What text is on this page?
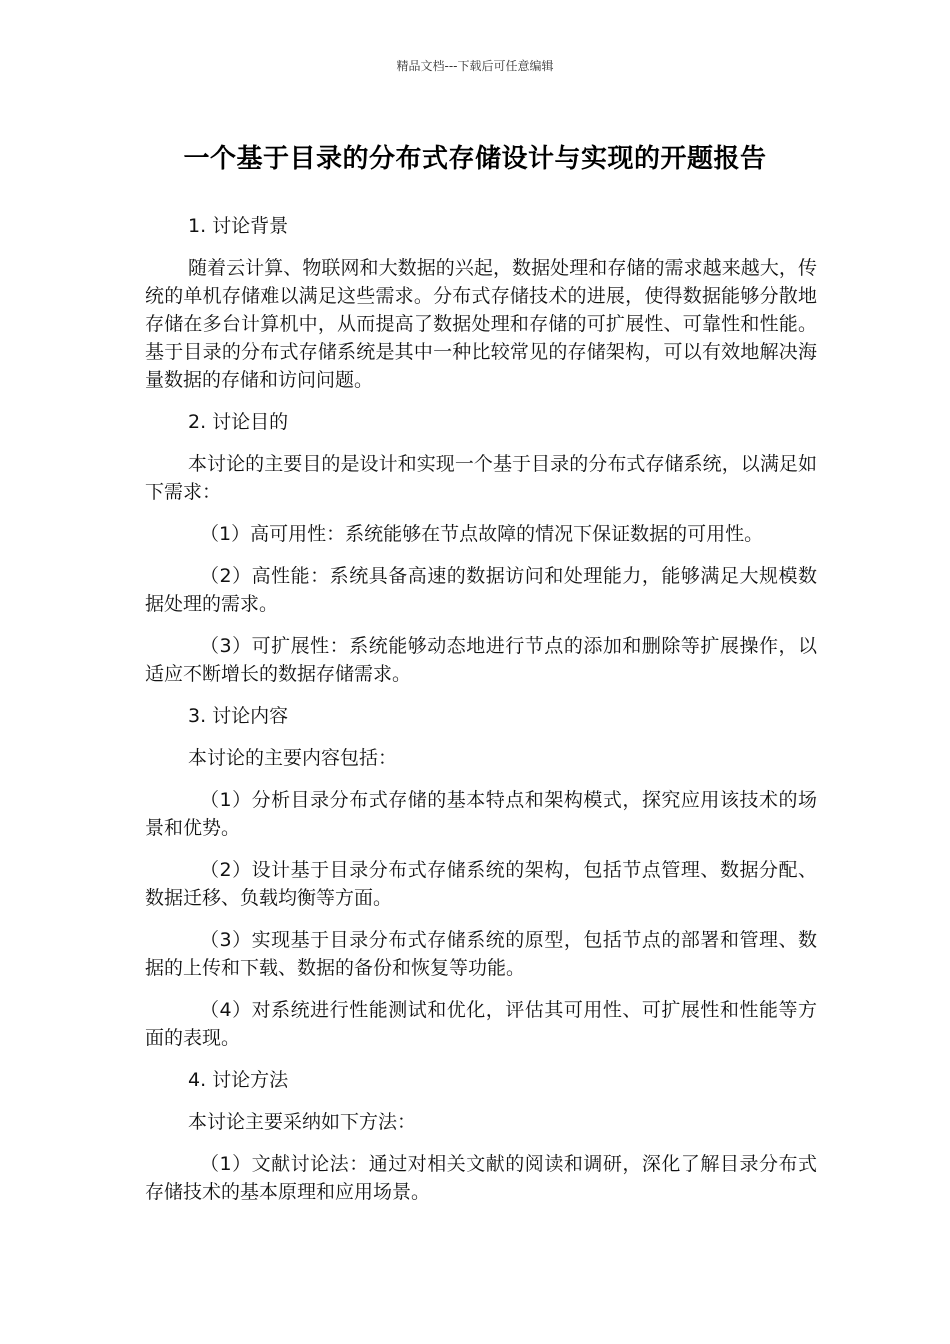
精品文档---下载后可任意编辑
一个基于目录的分布式存储设计与实现的开题报告
1. 讨论背景
随着云计算、物联网和大数据的兴起，数据处理和存储的需求越来越大，传统的单机存储难以满足这些需求。分布式存储技术的进展，使得数据能够分散地存储在多台计算机中，从而提高了数据处理和存储的可扩展性、可靠性和性能。基于目录的分布式存储系统是其中一种比较常见的存储架构，可以有效地解决海量数据的存储和访问问题。
2. 讨论目的
本讨论的主要目的是设计和实现一个基于目录的分布式存储系统，以满足如下需求：
（1）高可用性：系统能够在节点故障的情况下保证数据的可用性。
（2）高性能：系统具备高速的数据访问和处理能力，能够满足大规模数据处理的需求。
（3）可扩展性：系统能够动态地进行节点的添加和删除等扩展操作，以适应不断增长的数据存储需求。
3. 讨论内容
本讨论的主要内容包括：
（1）分析目录分布式存储的基本特点和架构模式，探究应用该技术的场景和优势。
（2）设计基于目录分布式存储系统的架构，包括节点管理、数据分配、数据迁移、负载均衡等方面。
（3）实现基于目录分布式存储系统的原型，包括节点的部署和管理、数据的上传和下载、数据的备份和恢复等功能。
（4）对系统进行性能测试和优化，评估其可用性、可扩展性和性能等方面的表现。
4. 讨论方法
本讨论主要采纳如下方法：
（1）文献讨论法：通过对相关文献的阅读和调研，深化了解目录分布式存储技术的基本原理和应用场景。
